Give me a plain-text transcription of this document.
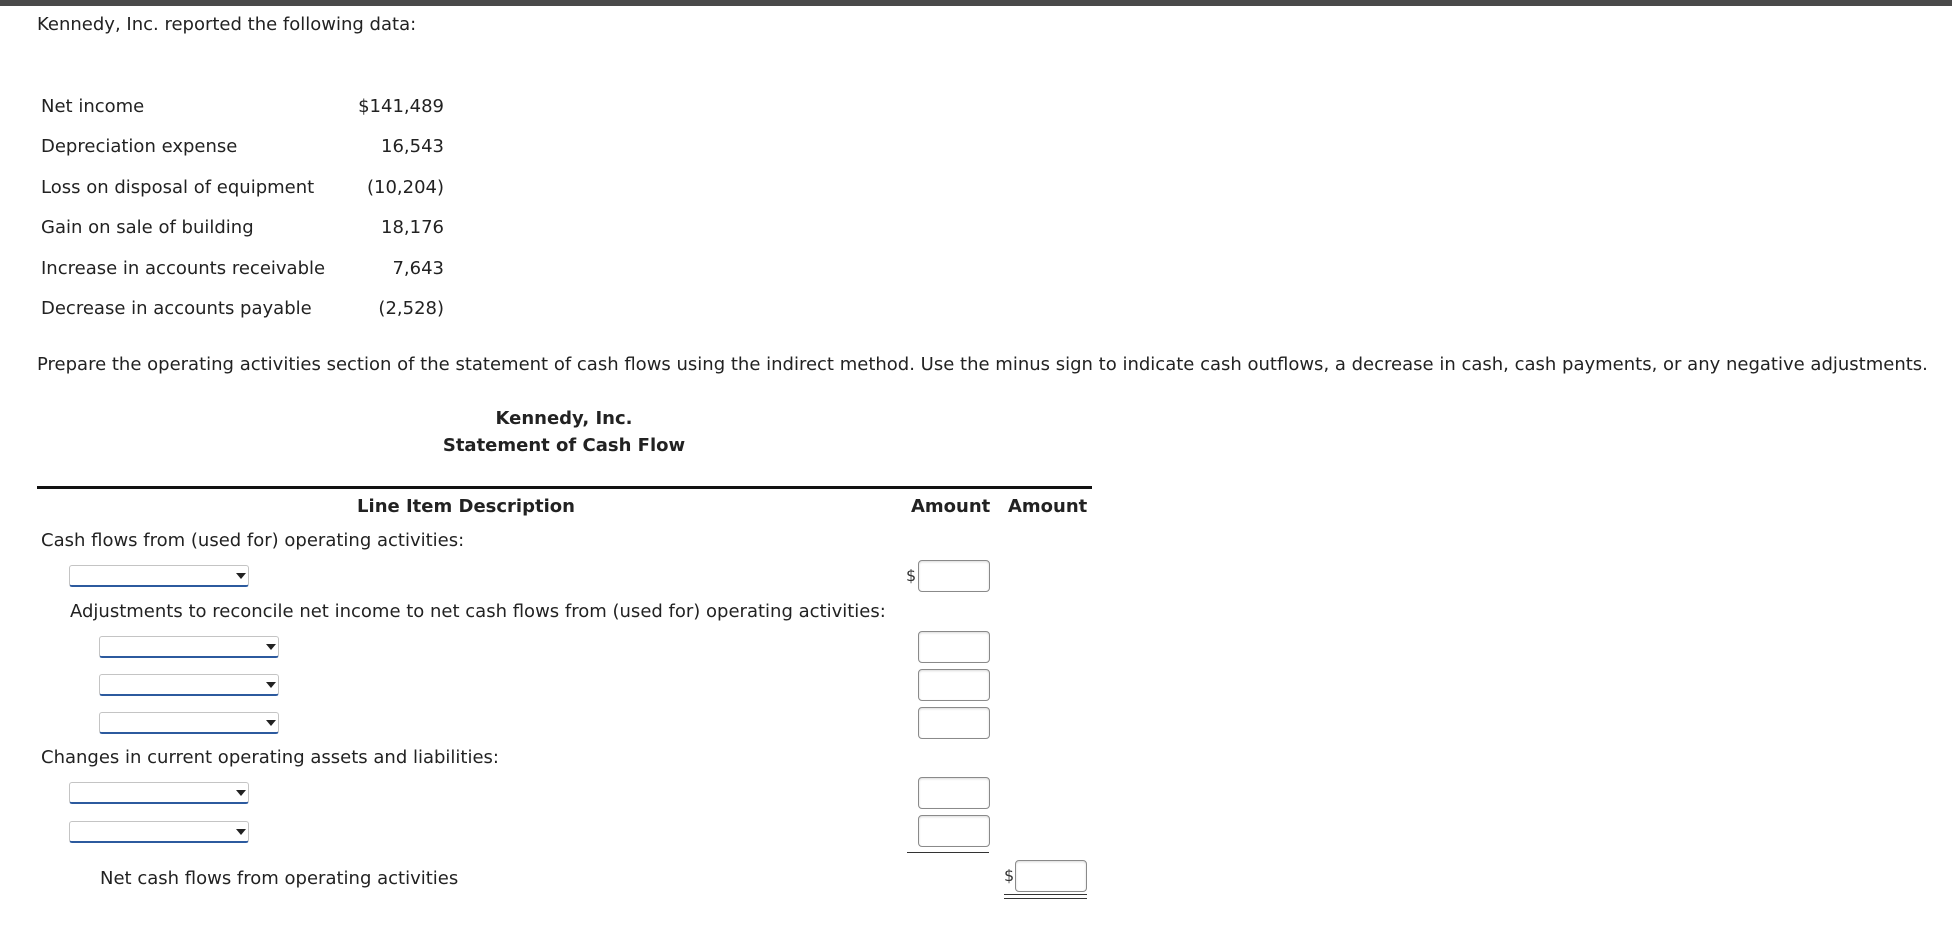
Kennedy, Inc. reported the following data:
Net income	$141,489
Depreciation expense	16,543
Loss on disposal of equipment	(10,204)
Gain on sale of building	18,176
Increase in accounts receivable	7,643
Decrease in accounts payable	(2,528)
Prepare the operating activities section of the statement of cash flows using the indirect method. Use the minus sign to indicate cash outflows, a decrease in cash, cash payments, or any negative adjustments.
Kennedy, Inc.
Statement of Cash Flow
Line Item Description	Amount Amount
Cash flows from (used for) operating activities:
$
Adjustments to reconcile net income to net cash flows from (used for) operating activities:
Changes in current operating assets and liabilities:
Net cash flows from operating activities	$
